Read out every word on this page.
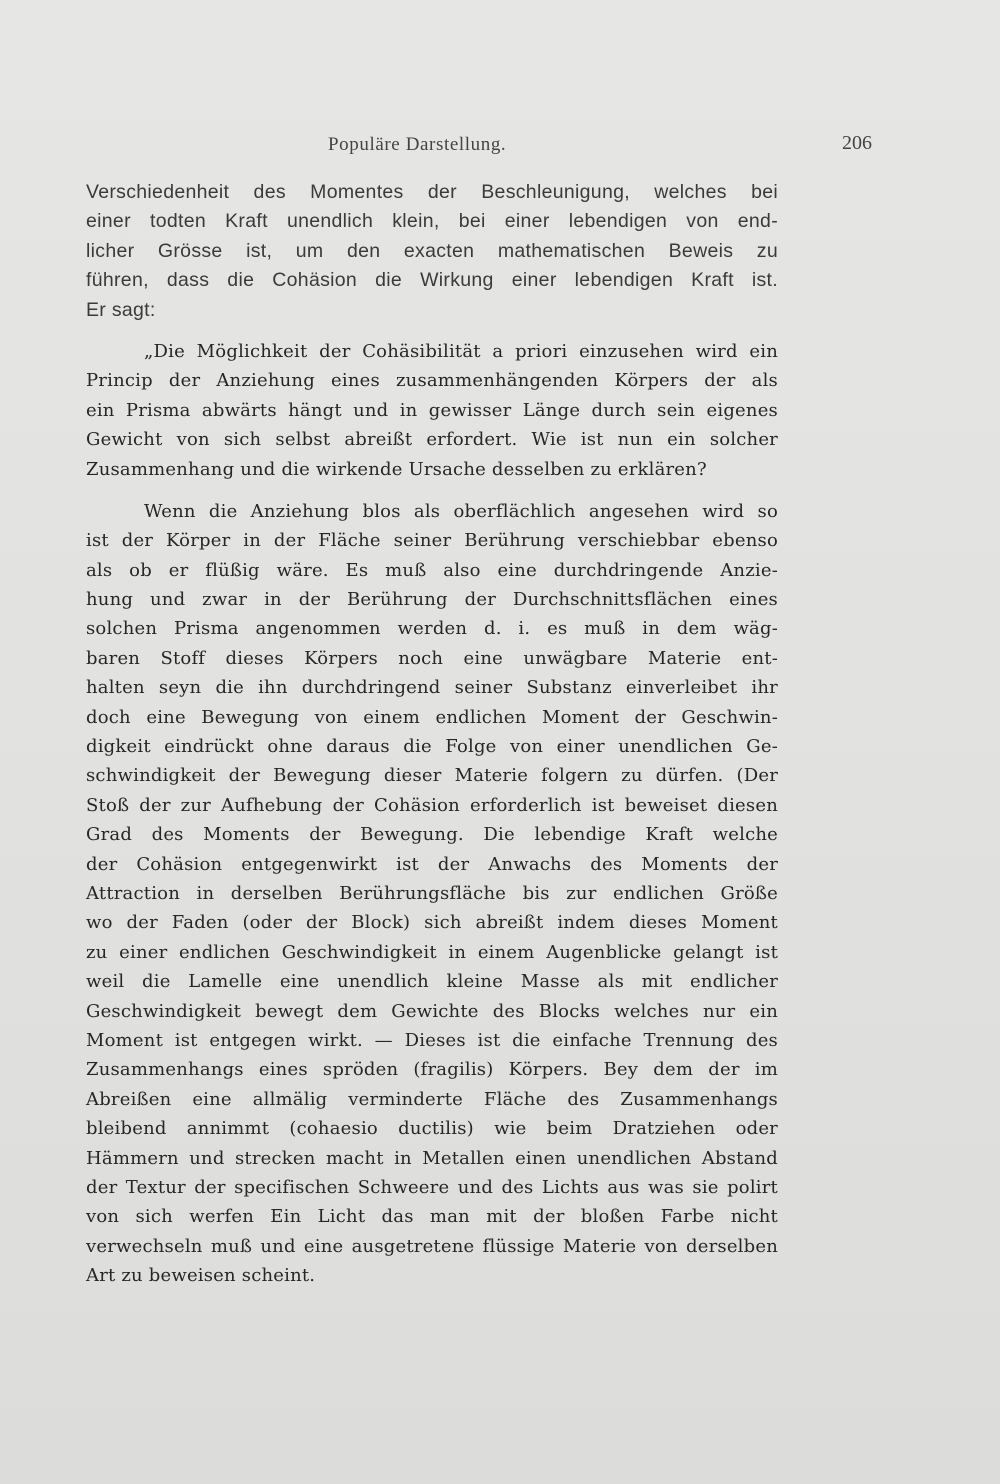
Populäre Darstellung.	206
Verschiedenheit des Momentes der Beschleunigung, welches bei
einer todten Kraft unendlich klein, bei einer lebendigen von end-
licher Grösse ist, um den exacten mathematischen Beweis zu
führen, dass die Cohäsion die Wirkung einer lebendigen Kraft ist.
Er sagt:
„Die Möglichkeit der Cohäsibilität a priori einzusehen wird ein
Princip der Anziehung eines zusammenhängenden Körpers der als
ein Prisma abwärts hängt und in gewisser Länge durch sein eigenes
Gewicht von sich selbst abreißt erfordert. Wie ist nun ein solcher
Zusammenhang und die wirkende Ursache desselben zu erklären?
Wenn die Anziehung blos als oberflächlich angesehen wird so
ist der Körper in der Fläche seiner Berührung verschiebbar ebenso
als ob er flüßig wäre. Es muß also eine durchdringende Anzie-
hung und zwar in der Berührung der Durchschnittsflächen eines
solchen Prisma angenommen werden d. i. es muß in dem wäg-
baren Stoff dieses Körpers noch eine unwägbare Materie ent-
halten seyn die ihn durchdringend seiner Substanz einverleibet ihr
doch eine Bewegung von einem endlichen Moment der Geschwin-
digkeit eindrückt ohne daraus die Folge von einer unendlichen Ge-
schwindigkeit der Bewegung dieser Materie folgern zu dürfen. (Der
Stoß der zur Aufhebung der Cohäsion erforderlich ist beweiset diesen
Grad des Moments der Bewegung. Die lebendige Kraft welche
der Cohäsion entgegenwirkt ist der Anwachs des Moments der
Attraction in derselben Berührungsfläche bis zur endlichen Größe
wo der Faden (oder der Block) sich abreißt indem dieses Moment
zu einer endlichen Geschwindigkeit in einem Augenblicke gelangt ist
weil die Lamelle eine unendlich kleine Masse als mit endlicher
Geschwindigkeit bewegt dem Gewichte des Blocks welches nur ein
Moment ist entgegen wirkt. — Dieses ist die einfache Trennung des
Zusammenhangs eines spröden (fragilis) Körpers. Bey dem der im
Abreißen eine allmälig verminderte Fläche des Zusammenhangs
bleibend annimmt (cohaesio ductilis) wie beim Dratziehen oder
Hämmern und strecken macht in Metallen einen unendlichen Abstand
der Textur der specifischen Schweere und des Lichts aus was sie polirt
von sich werfen Ein Licht das man mit der bloßen Farbe nicht
verwechseln muß und eine ausgetretene flüssige Materie von derselben
Art zu beweisen scheint.
